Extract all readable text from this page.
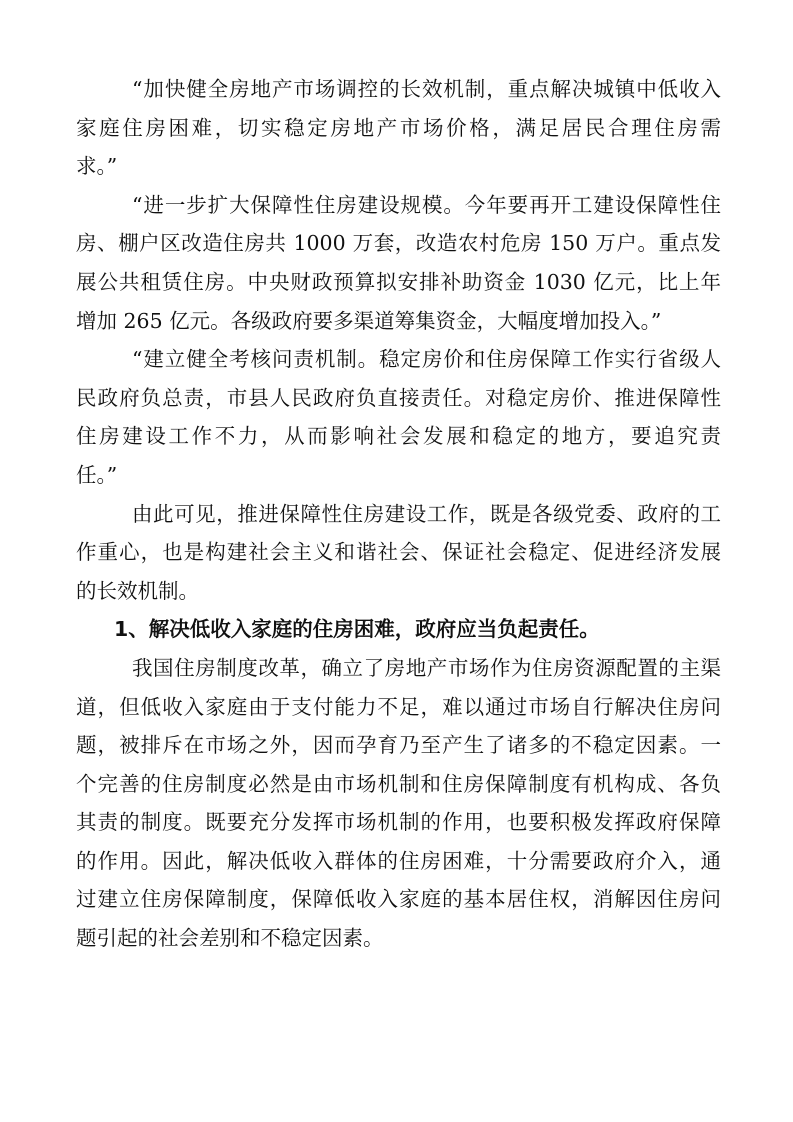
“加快健全房地产市场调控的长效机制，重点解决城镇中低收入
家庭住房困难，切实稳定房地产市场价格，满足居民合理住房需
求。”
“进一步扩大保障性住房建设规模。今年要再开工建设保障性住
房、棚户区改造住房共 1000 万套，改造农村危房 150 万户。重点发
展公共租赁住房。中央财政预算拟安排补助资金 1030 亿元，比上年
增加 265 亿元。各级政府要多渠道筹集资金，大幅度增加投入。”
“建立健全考核问责机制。稳定房价和住房保障工作实行省级人
民政府负总责，市县人民政府负直接责任。对稳定房价、推进保障性
住房建设工作不力，从而影响社会发展和稳定的地方，要追究责
任。”
由此可见，推进保障性住房建设工作，既是各级党委、政府的工
作重心，也是构建社会主义和谐社会、保证社会稳定、促进经济发展
的长效机制。
1、解决低收入家庭的住房困难，政府应当负起责任。
我国住房制度改革，确立了房地产市场作为住房资源配置的主渠
道，但低收入家庭由于支付能力不足，难以通过市场自行解决住房问
题，被排斥在市场之外，因而孕育乃至产生了诸多的不稳定因素。一
个完善的住房制度必然是由市场机制和住房保障制度有机构成、各负
其责的制度。既要充分发挥市场机制的作用，也要积极发挥政府保障
的作用。因此，解决低收入群体的住房困难，十分需要政府介入，通
过建立住房保障制度，保障低收入家庭的基本居住权，消解因住房问
题引起的社会差别和不稳定因素。
